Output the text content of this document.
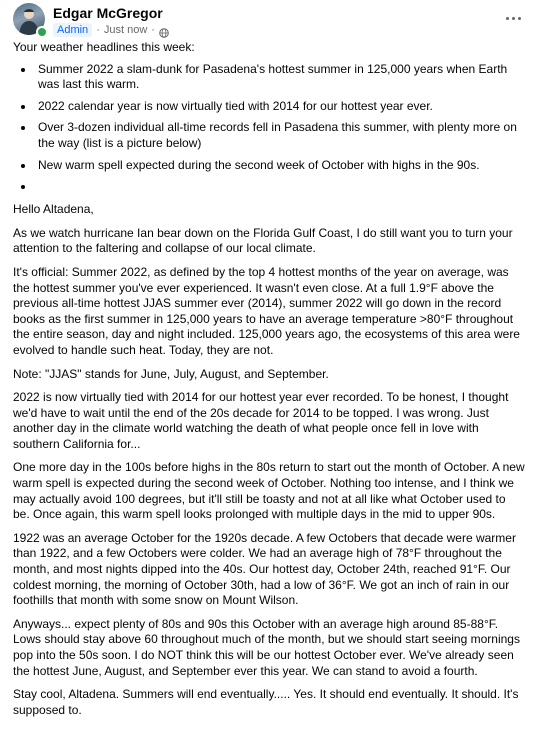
Edgar McGregor
Admin · Just now ·

Your weather headlines this week:

Summer 2022 a slam-dunk for Pasadena's hottest summer in 125,000 years when Earth was last this warm.
2022 calendar year is now virtually tied with 2014 for our hottest year ever.
Over 3-dozen individual all-time records fell in Pasadena this summer, with plenty more on the way (list is a picture below)
New warm spell expected during the second week of October with highs in the 90s.

Hello Altadena,

As we watch hurricane Ian bear down on the Florida Gulf Coast, I do still want you to turn your attention to the faltering and collapse of our local climate.

It's official: Summer 2022, as defined by the top 4 hottest months of the year on average, was the hottest summer you've ever experienced. It wasn't even close. At a full 1.9°F above the previous all-time hottest JJAS summer ever (2014), summer 2022 will go down in the record books as the first summer in 125,000 years to have an average temperature >80°F throughout the entire season, day and night included. 125,000 years ago, the ecosystems of this area were evolved to handle such heat. Today, they are not.

Note: "JJAS" stands for June, July, August, and September.

2022 is now virtually tied with 2014 for our hottest year ever recorded. To be honest, I thought we'd have to wait until the end of the 20s decade for 2014 to be topped. I was wrong. Just another day in the climate world watching the death of what people once fell in love with southern California for...

One more day in the 100s before highs in the 80s return to start out the month of October. A new warm spell is expected during the second week of October. Nothing too intense, and I think we may actually avoid 100 degrees, but it'll still be toasty and not at all like what October used to be. Once again, this warm spell looks prolonged with multiple days in the mid to upper 90s.

1922 was an average October for the 1920s decade. A few Octobers that decade were warmer than 1922, and a few Octobers were colder. We had an average high of 78°F throughout the month, and most nights dipped into the 40s. Our hottest day, October 24th, reached 91°F. Our coldest morning, the morning of October 30th, had a low of 36°F. We got an inch of rain in our foothills that month with some snow on Mount Wilson.

Anyways... expect plenty of 80s and 90s this October with an average high around 85-88°F. Lows should stay above 60 throughout much of the month, but we should start seeing mornings pop into the 50s soon. I do NOT think this will be our hottest October ever. We've already seen the hottest June, August, and September ever this year. We can stand to avoid a fourth.

Stay cool, Altadena. Summers will end eventually..... Yes. It should end eventually. It should. It's supposed to.
